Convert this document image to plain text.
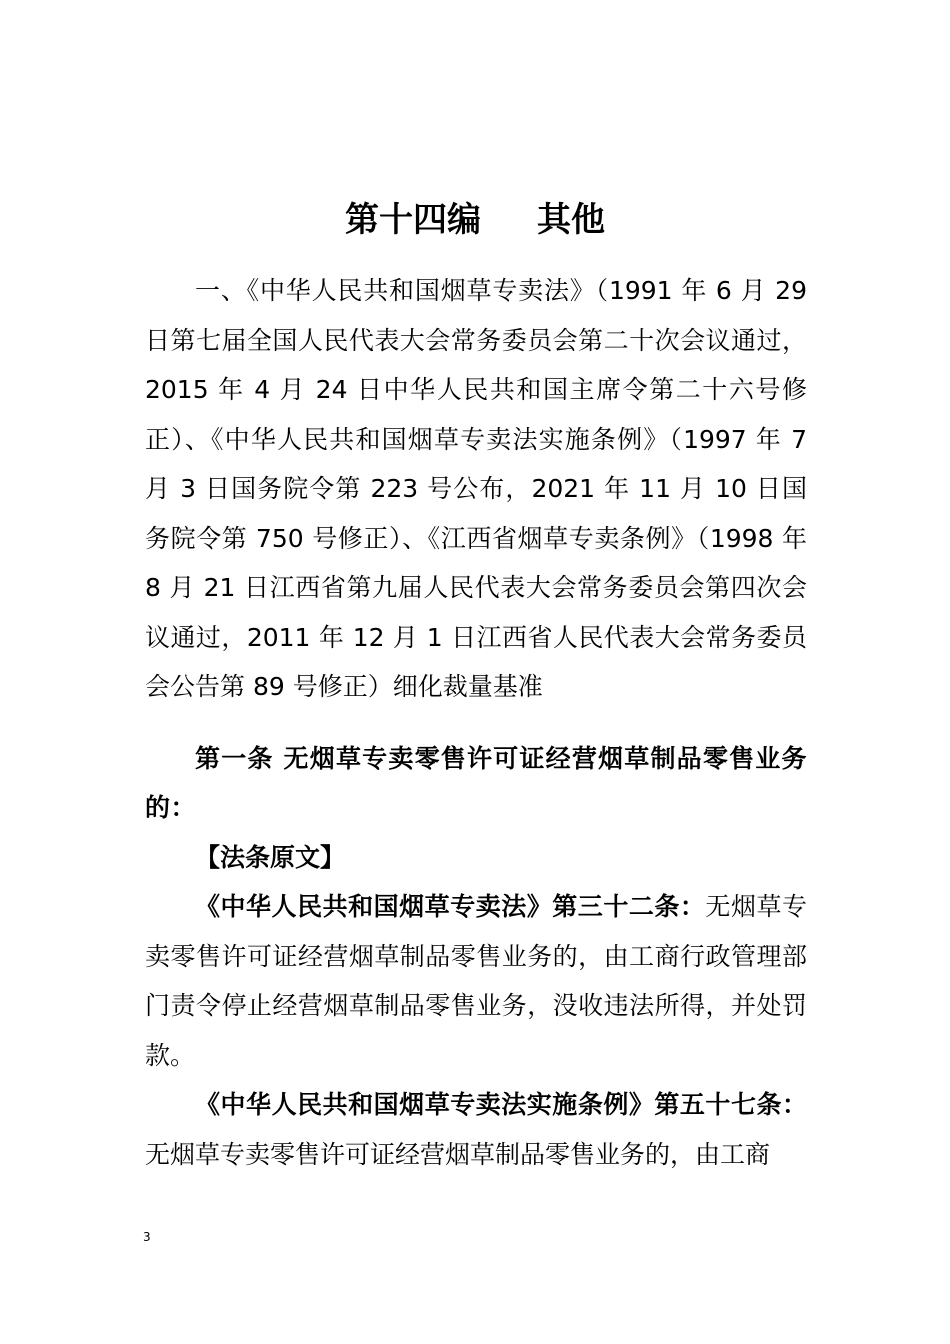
第十四编 其他

一、《中华人民共和国烟草专卖法》（1991 年 6 月 29 日第七届全国人民代表大会常务委员会第二十次会议通过，2015 年 4 月 24 日中华人民共和国主席令第二十六号修正）、《中华人民共和国烟草专卖法实施条例》（1997 年 7 月 3 日国务院令第 223 号公布，2021 年 11 月 10 日国务院令第 750 号修正）、《江西省烟草专卖条例》（1998 年 8 月 21 日江西省第九届人民代表大会常务委员会第四次会议通过，2011 年 12 月 1 日江西省人民代表大会常务委员会公告第 89 号修正）细化裁量基准

第一条 无烟草专卖零售许可证经营烟草制品零售业务的：

【法条原文】

《中华人民共和国烟草专卖法》第三十二条：无烟草专卖零售许可证经营烟草制品零售业务的，由工商行政管理部门责令停止经营烟草制品零售业务，没收违法所得，并处罚款。

《中华人民共和国烟草专卖法实施条例》第五十七条：无烟草专卖零售许可证经营烟草制品零售业务的，由工商

3
